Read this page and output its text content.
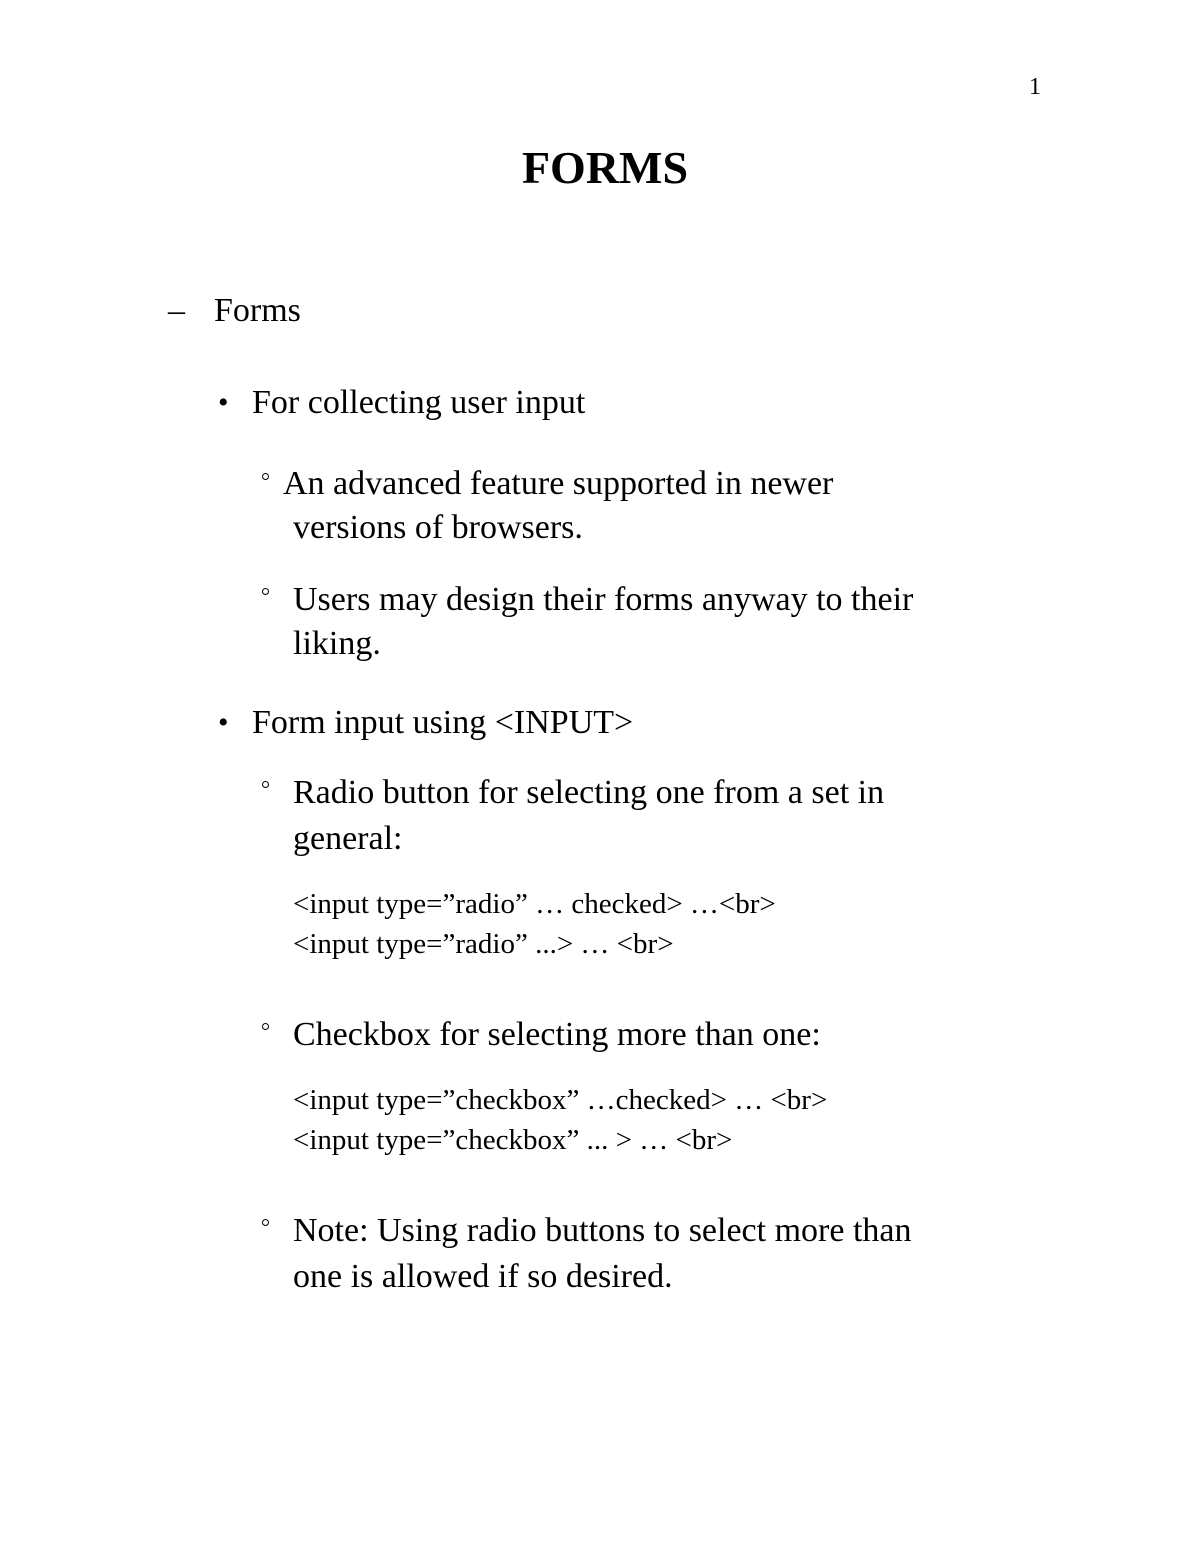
1
FORMS
– Forms
• For collecting user input
An advanced feature supported in newer
versions of browsers.
Users may design their forms anyway to their
liking.
• Form input using <INPUT>
Radio button for selecting one from a set in
general:
<input type=”radio” … checked> …<br>
<input type=”radio” ...> … <br>
Checkbox for selecting more than one:
<input type=”checkbox” …checked> … <br>
<input type=”checkbox” ... > … <br>
Note: Using radio buttons to select more than
one is allowed if so desired.
